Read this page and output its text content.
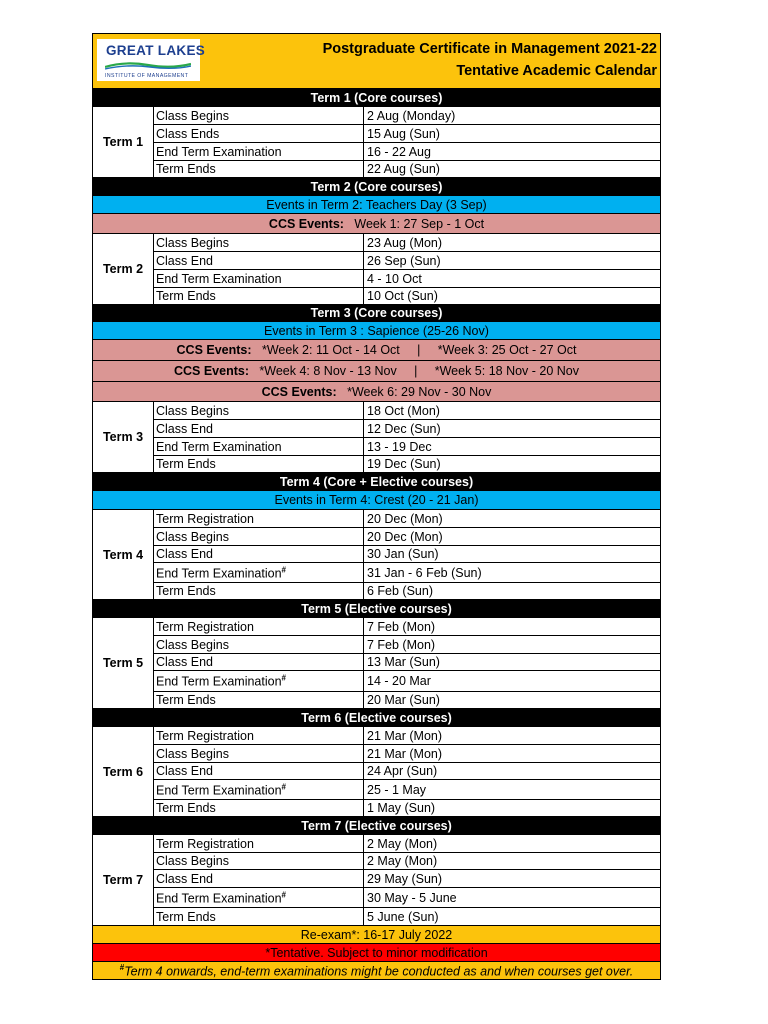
GREAT LAKES
INSTITUTE OF MANAGEMENT
Postgraduate Certificate in Management 2021-22
Tentative Academic Calendar
Term 1 (Core courses)
Term 1
Class Begins	2 Aug (Monday)
Class Ends	15 Aug (Sun)
End Term Examination	16 - 22 Aug
Term Ends	22 Aug (Sun)
Term 2 (Core courses)
Events in Term 2: Teachers Day (3 Sep)
CCS Events: Week 1: 27 Sep - 1 Oct
Term 2
Class Begins	23 Aug (Mon)
Class End	26 Sep (Sun)
End Term Examination	4 - 10 Oct
Term Ends	10 Oct (Sun)
Term 3 (Core courses)
Events in Term 3 : Sapience (25-26 Nov)
CCS Events: *Week 2: 11 Oct - 14 Oct     |     *Week 3: 25 Oct - 27 Oct
CCS Events: *Week 4: 8 Nov - 13 Nov     |     *Week 5: 18 Nov - 20 Nov
CCS Events: *Week 6: 29 Nov - 30 Nov
Term 3
Class Begins	18 Oct (Mon)
Class End	12 Dec (Sun)
End Term Examination	13 - 19 Dec
Term Ends	19 Dec (Sun)
Term 4 (Core + Elective courses)
Events in Term 4: Crest (20 - 21 Jan)
Term 4
Term Registration	20 Dec (Mon)
Class Begins	20 Dec (Mon)
Class End	30 Jan (Sun)
End Term Examination#	31 Jan - 6 Feb (Sun)
Term Ends	6 Feb (Sun)
Term 5 (Elective courses)
Term 5
Term Registration	7 Feb (Mon)
Class Begins	7 Feb (Mon)
Class End	13 Mar (Sun)
End Term Examination#	14 - 20 Mar
Term Ends	20 Mar (Sun)
Term 6 (Elective courses)
Term 6
Term Registration	21 Mar (Mon)
Class Begins	21 Mar (Mon)
Class End	24 Apr (Sun)
End Term Examination#	25 - 1 May
Term Ends	1 May (Sun)
Term 7 (Elective courses)
Term 7
Term Registration	2 May (Mon)
Class Begins	2 May (Mon)
Class End	29 May (Sun)
End Term Examination#	30 May - 5 June
Term Ends	5 June (Sun)
Re-exam*: 16-17 July 2022
*Tentative. Subject to minor modification
#Term 4 onwards, end-term examinations might be conducted as and when courses get over.
